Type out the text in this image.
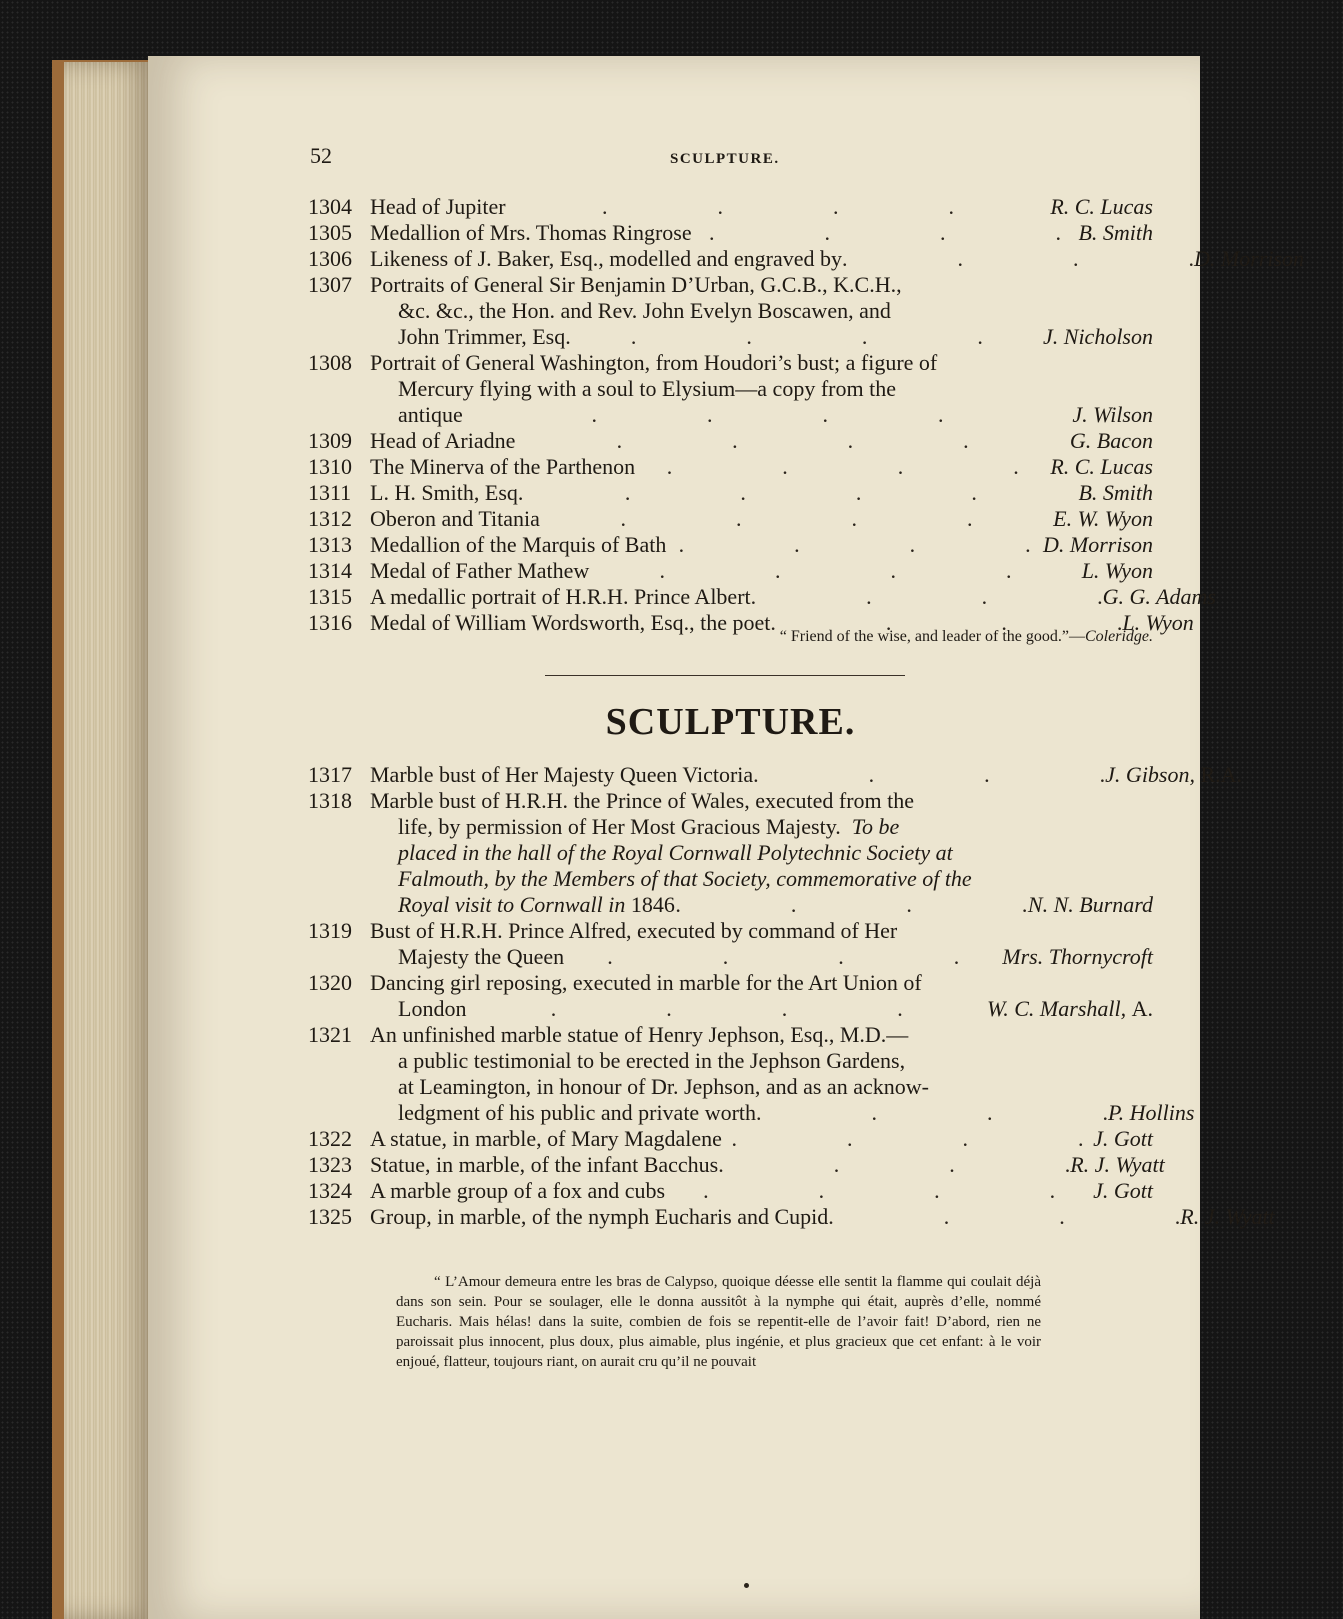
52	SCULPTURE.
1304 Head of Jupiter .	R. C. Lucas
1305 Medallion of Mrs. Thomas Ringrose .	B. Smith
1306 Likeness of J. Baker, Esq., modelled and engraved by .	D. Morrison
1307 Portraits of General Sir Benjamin D’Urban, G.C.B., K.C.H.,
&c. &c., the Hon. and Rev. John Evelyn Boscawen, and
John Trimmer, Esq. .	J. Nicholson
1308 Portrait of General Washington, from Houdori’s bust; a figure of
Mercury flying with a soul to Elysium—a copy from the
antique .	J. Wilson
1309 Head of Ariadne .	G. Bacon
1310 The Minerva of the Parthenon .	R. C. Lucas
1311 L. H. Smith, Esq. .	B. Smith
1312 Oberon and Titania .	E. W. Wyon
1313 Medallion of the Marquis of Bath .	D. Morrison
1314 Medal of Father Mathew .	L. Wyon
1315 A medallic portrait of H.R.H. Prince Albert .	G. G. Adams
1316 Medal of William Wordsworth, Esq., the poet .	L. Wyon
“ Friend of the wise, and leader of the good.”—Coleridge.
SCULPTURE.
1317 Marble bust of Her Majesty Queen Victoria .	J. Gibson,
R.A.
1318 Marble bust of H.R.H. the Prince of Wales, executed from the
life, by permission of Her Most Gracious Majesty.
To be
placed in the hall of the Royal Cornwall Polytechnic Society at
Falmouth, by the Members of that Society, commemorative of the
Royal visit to Cornwall in
1846 .	N. N. Burnard
1319 Bust of H.R.H. Prince Alfred, executed by command of Her
Majesty the Queen .	Mrs. Thornycroft
1320 Dancing girl reposing, executed in marble for the Art Union of
London .	W. C. Marshall,
A.
1321 An unfinished marble statue of Henry Jephson, Esq., M.D.—
a public testimonial to be erected in the Jephson Gardens,
at Leamington, in honour of Dr. Jephson, and as an acknow-
ledgment of his public and private worth .	P. Hollins
1322 A statue, in marble, of Mary Magdalene .	J. Gott
1323 Statue, in marble, of the infant Bacchus .	R. J. Wyatt
1324 A marble group of a fox and cubs .	J. Gott
1325 Group, in marble, of the nymph Eucharis and Cupid .	R. J. Wyatt

“ L’Amour demeura entre les bras de Calypso, quoique déesse elle sentit la flamme qui coulait déjà dans son sein. Pour se soulager, elle le donna aussitôt à la nymphe qui était, auprès d’elle, nommé Eucharis. Mais hélas! dans la suite, combien de fois se repentit-elle de l’avoir fait! D’abord, rien ne paroissait plus innocent, plus doux, plus aimable, plus ingénie, et plus gracieux que cet enfant: à le voir enjoué, flatteur, toujours riant, on aurait cru qu’il ne pouvait
